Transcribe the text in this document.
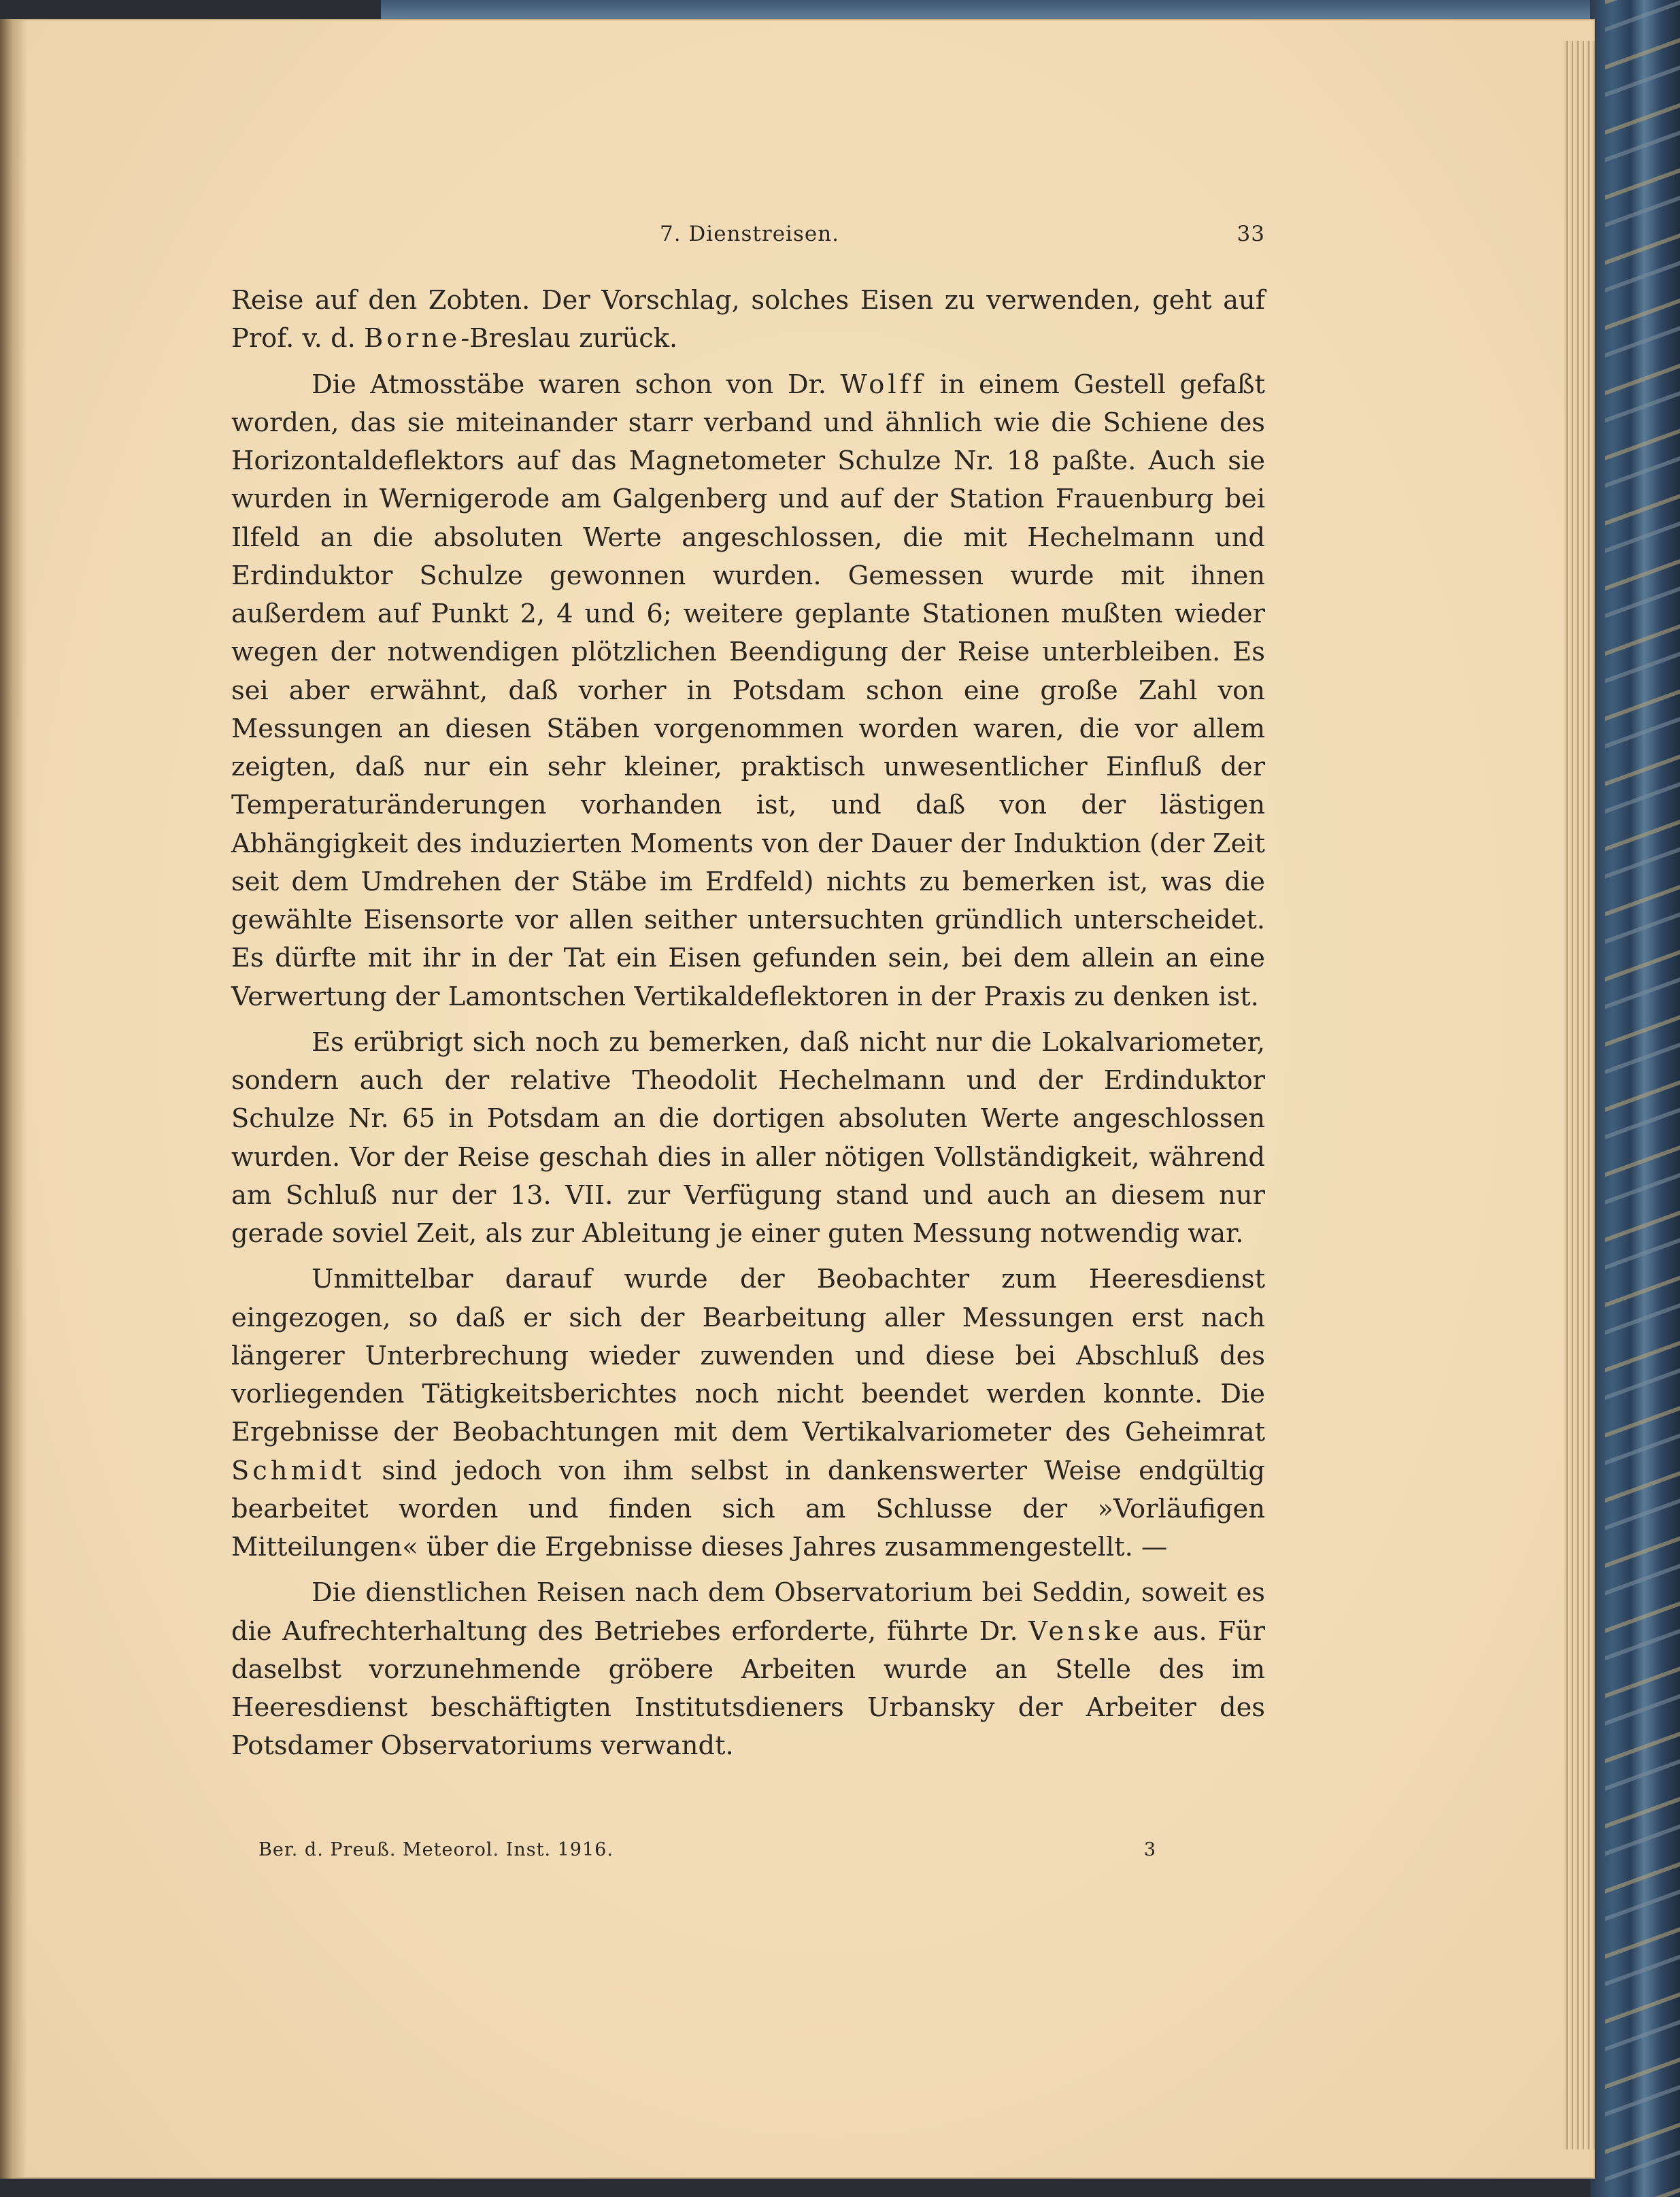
7. Dienstreisen.	33

Reise auf den Zobten. Der Vorschlag, solches Eisen zu verwenden, geht auf Prof. v. d. Borne-Breslau zurück.

Die Atmosstäbe waren schon von Dr. Wolff in einem Gestell gefaßt worden, das sie miteinander starr verband und ähnlich wie die Schiene des Horizontaldeflektors auf das Magnetometer Schulze Nr. 18 paßte. Auch sie wurden in Wernigerode am Galgenberg und auf der Station Frauenburg bei Ilfeld an die absoluten Werte angeschlossen, die mit Hechelmann und Erdinduktor Schulze gewonnen wurden. Gemessen wurde mit ihnen außerdem auf Punkt 2, 4 und 6; weitere geplante Stationen mußten wieder wegen der notwendigen plötzlichen Beendigung der Reise unterbleiben. Es sei aber erwähnt, daß vorher in Potsdam schon eine große Zahl von Messungen an diesen Stäben vorgenommen worden waren, die vor allem zeigten, daß nur ein sehr kleiner, praktisch unwesentlicher Einfluß der Temperaturänderungen vorhanden ist, und daß von der lästigen Abhängigkeit des induzierten Moments von der Dauer der Induktion (der Zeit seit dem Umdrehen der Stäbe im Erdfeld) nichts zu bemerken ist, was die gewählte Eisensorte vor allen seither untersuchten gründlich unterscheidet. Es dürfte mit ihr in der Tat ein Eisen gefunden sein, bei dem allein an eine Verwertung der Lamontschen Vertikaldeflektoren in der Praxis zu denken ist.

Es erübrigt sich noch zu bemerken, daß nicht nur die Lokalvariometer, sondern auch der relative Theodolit Hechelmann und der Erdinduktor Schulze Nr. 65 in Potsdam an die dortigen absoluten Werte angeschlossen wurden. Vor der Reise geschah dies in aller nötigen Vollständigkeit, während am Schluß nur der 13. VII. zur Verfügung stand und auch an diesem nur gerade soviel Zeit, als zur Ableitung je einer guten Messung notwendig war.

Unmittelbar darauf wurde der Beobachter zum Heeresdienst eingezogen, so daß er sich der Bearbeitung aller Messungen erst nach längerer Unterbrechung wieder zuwenden und diese bei Abschluß des vorliegenden Tätigkeitsberichtes noch nicht beendet werden konnte. Die Ergebnisse der Beobachtungen mit dem Vertikalvariometer des Geheimrat Schmidt sind jedoch von ihm selbst in dankenswerter Weise endgültig bearbeitet worden und finden sich am Schlusse der »Vorläufigen Mitteilungen« über die Ergebnisse dieses Jahres zusammengestellt. —

Die dienstlichen Reisen nach dem Observatorium bei Seddin, soweit es die Aufrechterhaltung des Betriebes erforderte, führte Dr. Venske aus. Für daselbst vorzunehmende gröbere Arbeiten wurde an Stelle des im Heeresdienst beschäftigten Institutsdieners Urbansky der Arbeiter des Potsdamer Observatoriums verwandt.

Ber. d. Preuß. Meteorol. Inst. 1916.	3
